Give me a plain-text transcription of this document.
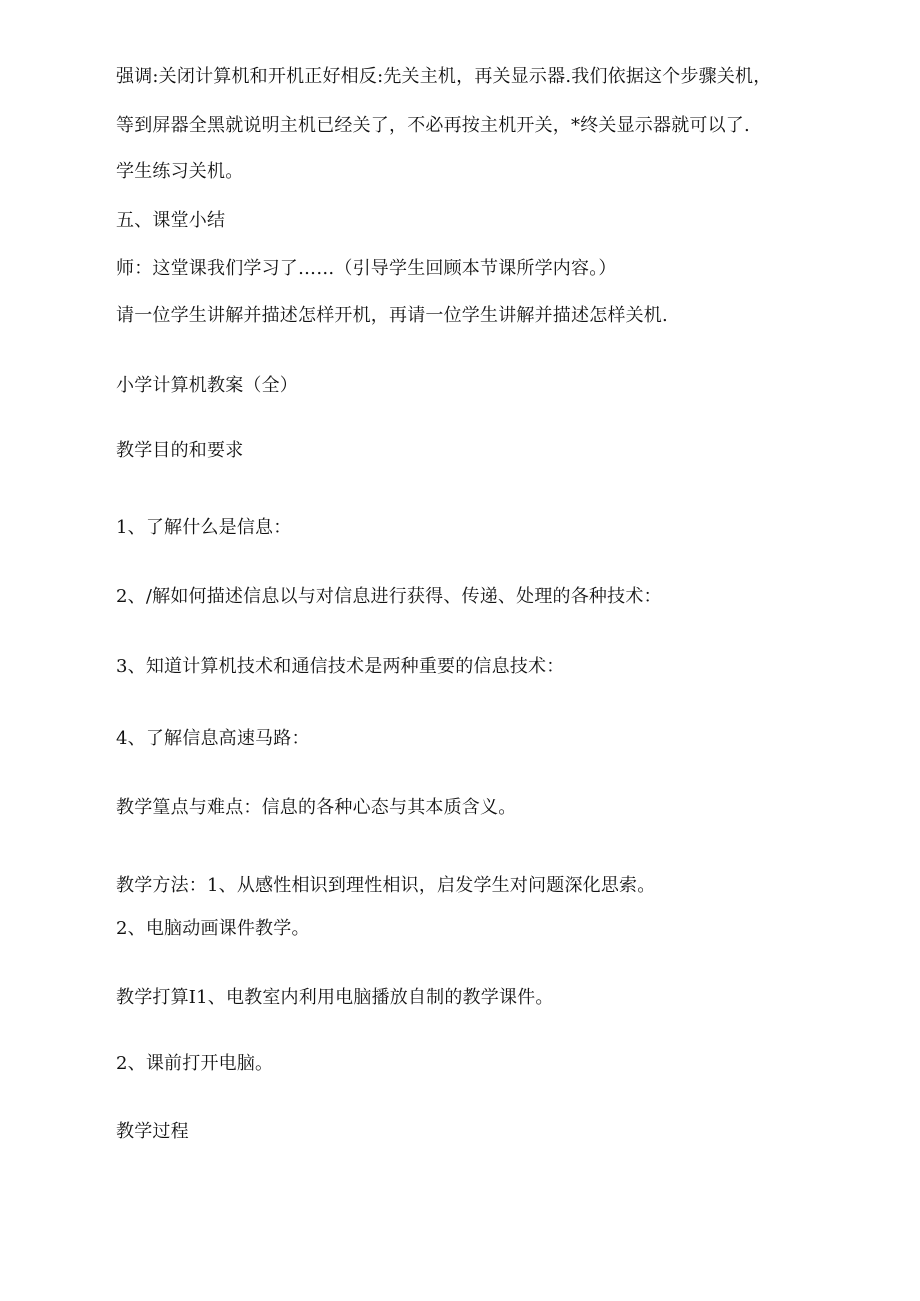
强调:关闭计算机和开机正好相反:先关主机，再关显示器.我们依据这个步骤关机，
等到屏器全黑就说明主机已经关了，不必再按主机开关，*终关显示器就可以了.
学生练习关机。
五、课堂小结
师：这堂课我们学习了……（引导学生回顾本节课所学内容。）
请一位学生讲解并描述怎样开机，再请一位学生讲解并描述怎样关机.
小学计算机教案（全）
教学目的和要求
1、了解什么是信息：
2、/解如何描述信息以与对信息进行获得、传递、处理的各种技术：
3、知道计算机技术和通信技术是两种重要的信息技术：
4、了解信息高速马路：
教学篁点与难点：信息的各种心态与其本质含义。
教学方法：1、从感性相识到理性相识，启发学生对问题深化思索。
2、电脑动画课件教学。
教学打算I1、电教室内利用电脑播放自制的教学课件。
2、课前打开电脑。
教学过程
